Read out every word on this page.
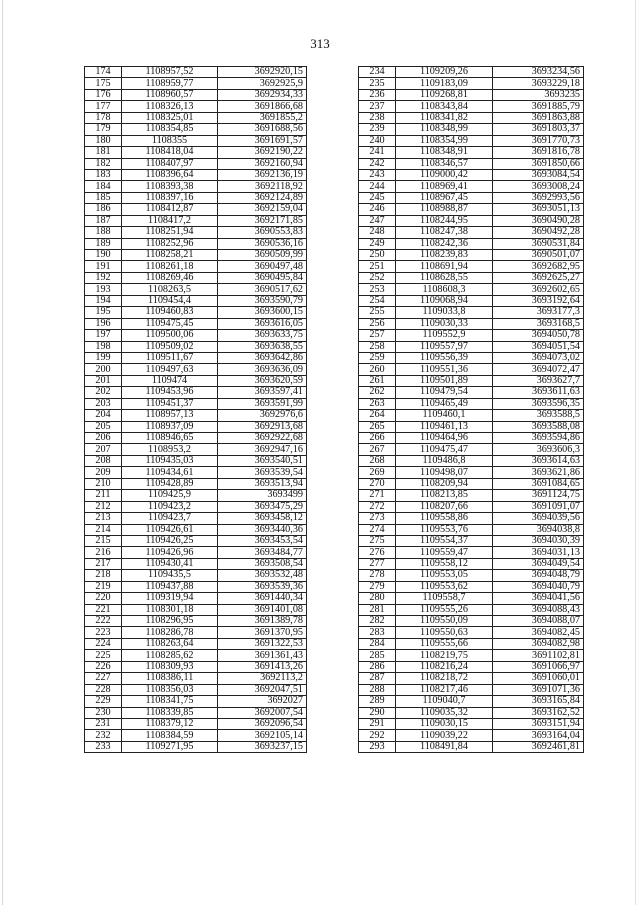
313
174	1108957,52	3692920,15
175	1108959,77	3692925,9
176	1108960,57	3692934,33
177	1108326,13	3691866,68
178	1108325,01	3691855,2
179	1108354,85	3691688,56
180	1108355	3691691,57
181	1108418,04	3692190,22
182	1108407,97	3692160,94
183	1108396,64	3692136,19
184	1108393,38	3692118,92
185	1108397,16	3692124,89
186	1108412,87	3692159,04
187	1108417,2	3692171,85
188	1108251,94	3690553,83
189	1108252,96	3690536,16
190	1108258,21	3690509,99
191	1108261,18	3690497,48
192	1108269,46	3690495,84
193	1108263,5	3690517,62
194	1109454,4	3693590,79
195	1109460,83	3693600,15
196	1109475,45	3693616,05
197	1109500,06	3693633,75
198	1109509,02	3693638,55
199	1109511,67	3693642,86
200	1109497,63	3693636,09
201	1109474	3693620,59
202	1109453,96	3693597,41
203	1109451,37	3693591,99
204	1108957,13	3692976,6
205	1108937,09	3692913,68
206	1108946,65	3692922,68
207	1108953,2	3692947,16
208	1109435,03	3693540,51
209	1109434,61	3693539,54
210	1109428,89	3693513,94
211	1109425,9	3693499
212	1109423,2	3693475,29
213	1109423,7	3693458,12
214	1109426,61	3693440,36
215	1109426,25	3693453,54
216	1109426,96	3693484,77
217	1109430,41	3693508,54
218	1109435,5	3693532,48
219	1109437,88	3693539,36
220	1109319,94	3691440,34
221	1108301,18	3691401,08
222	1108296,95	3691389,78
223	1108286,78	3691370,95
224	1108263,64	3691322,53
225	1108285,62	3691361,43
226	1108309,93	3691413,26
227	1108386,11	3692113,2
228	1108356,03	3692047,51
229	1108341,75	3692027
230	1108339,85	3692007,54
231	1108379,12	3692096,54
232	1108384,59	3692105,14
233	1109271,95	3693237,15
234	1109209,26	3693234,56
235	1109183,09	3693229,18
236	1109268,81	3693235
237	1108343,84	3691885,79
238	1108341,82	3691863,88
239	1108348,99	3691803,37
240	1108354,99	3691770,73
241	1108348,91	3691816,78
242	1108346,57	3691850,66
243	1109000,42	3693084,54
244	1108969,41	3693008,24
245	1108967,45	3692993,56
246	1108988,87	3693051,13
247	1108244,95	3690490,28
248	1108247,38	3690492,28
249	1108242,36	3690531,84
250	1108239,83	3690501,07
251	1108691,94	3692682,95
252	1108628,55	3692625,27
253	1108608,3	3692602,65
254	1109068,94	3693192,64
255	1109033,8	3693177,3
256	1109030,33	3693168,5
257	1109552,9	3694050,78
258	1109557,97	3694051,54
259	1109556,39	3694073,02
260	1109551,36	3694072,47
261	1109501,89	3693627,7
262	1109479,54	3693611,63
263	1109465,49	3693596,35
264	1109460,1	3693588,5
265	1109461,13	3693588,08
266	1109464,96	3693594,86
267	1109475,47	3693606,3
268	1109486,8	3693614,63
269	1109498,07	3693621,86
270	1108209,94	3691084,65
271	1108213,85	3691124,75
272	1108207,66	3691091,07
273	1109558,86	3694039,56
274	1109553,76	3694038,8
275	1109554,37	3694030,39
276	1109559,47	3694031,13
277	1109558,12	3694049,54
278	1109553,05	3694048,79
279	1109553,62	3694040,79
280	1109558,7	3694041,56
281	1109555,26	3694088,43
282	1109550,09	3694088,07
283	1109550,63	3694082,45
284	1109555,66	3694082,98
285	1108219,75	3691102,81
286	1108216,24	3691066,97
287	1108218,72	3691060,01
288	1108217,46	3691071,36
289	1109040,7	3693165,84
290	1109035,32	3693162,52
291	1109030,15	3693151,94
292	1109039,22	3693164,04
293	1108491,84	3692461,81
